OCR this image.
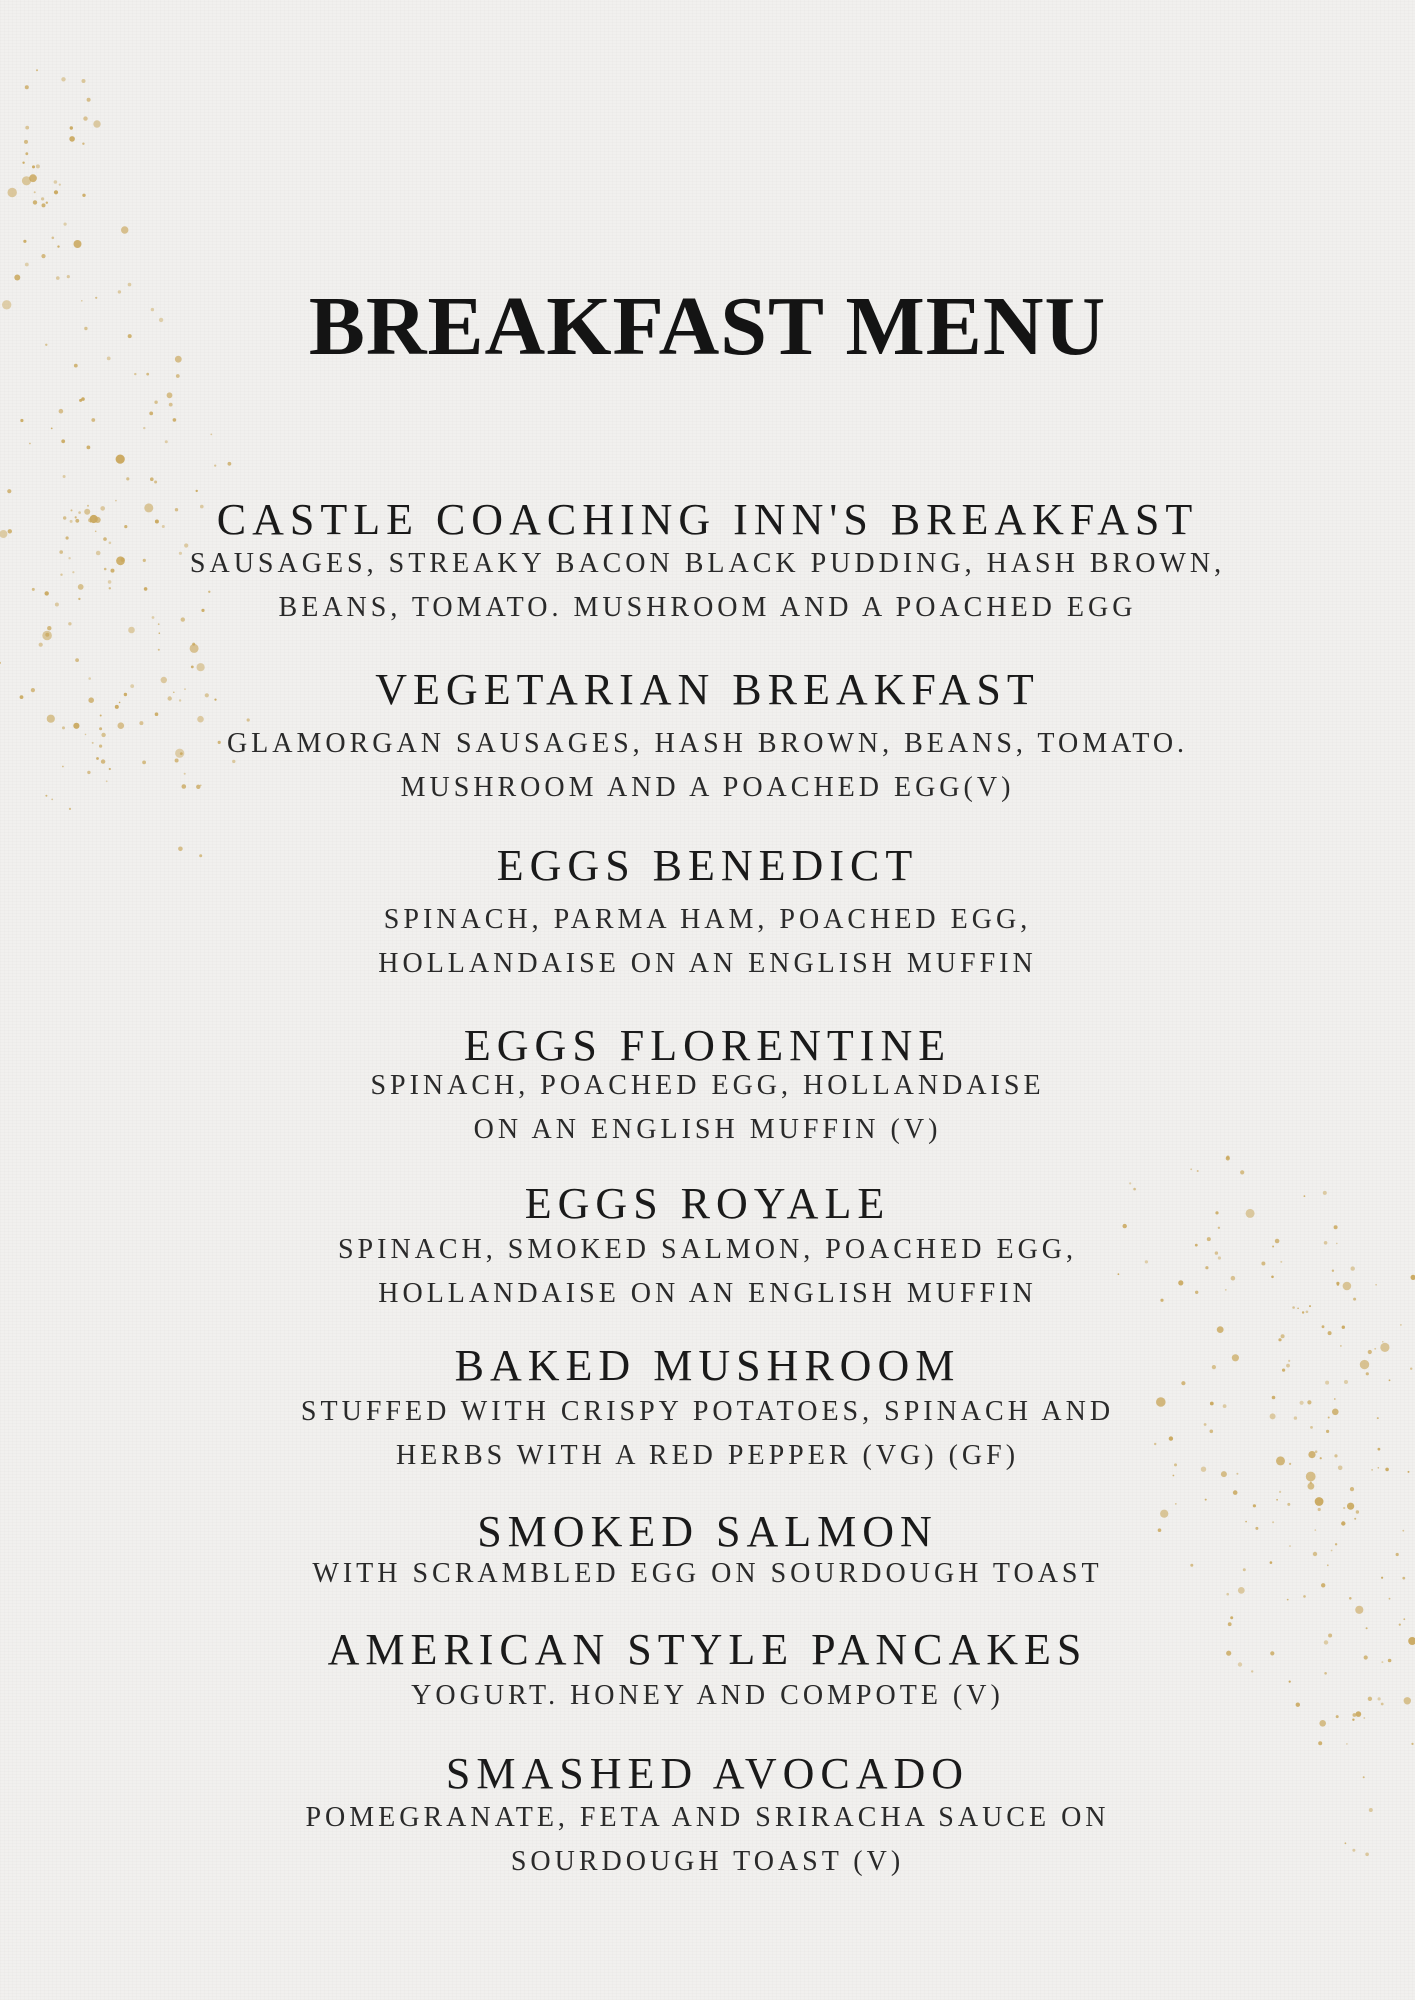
BREAKFAST MENU
CASTLE COACHING INN'S BREAKFAST
SAUSAGES, STREAKY BACON BLACK PUDDING, HASH BROWN,
BEANS, TOMATO. MUSHROOM AND A POACHED EGG
VEGETARIAN BREAKFAST
GLAMORGAN SAUSAGES, HASH BROWN, BEANS, TOMATO.
MUSHROOM AND A POACHED EGG(V)
EGGS BENEDICT
SPINACH, PARMA HAM, POACHED EGG,
HOLLANDAISE ON AN ENGLISH MUFFIN
EGGS FLORENTINE
SPINACH, POACHED EGG, HOLLANDAISE
ON AN ENGLISH MUFFIN (V)
EGGS ROYALE
SPINACH, SMOKED SALMON, POACHED EGG,
HOLLANDAISE ON AN ENGLISH MUFFIN
BAKED MUSHROOM
STUFFED WITH CRISPY POTATOES, SPINACH AND
HERBS WITH A RED PEPPER (VG) (GF)
SMOKED SALMON
WITH SCRAMBLED EGG ON SOURDOUGH TOAST
AMERICAN STYLE PANCAKES
YOGURT. HONEY AND COMPOTE (V)
SMASHED AVOCADO
POMEGRANATE, FETA AND SRIRACHA SAUCE ON
SOURDOUGH TOAST (V)
